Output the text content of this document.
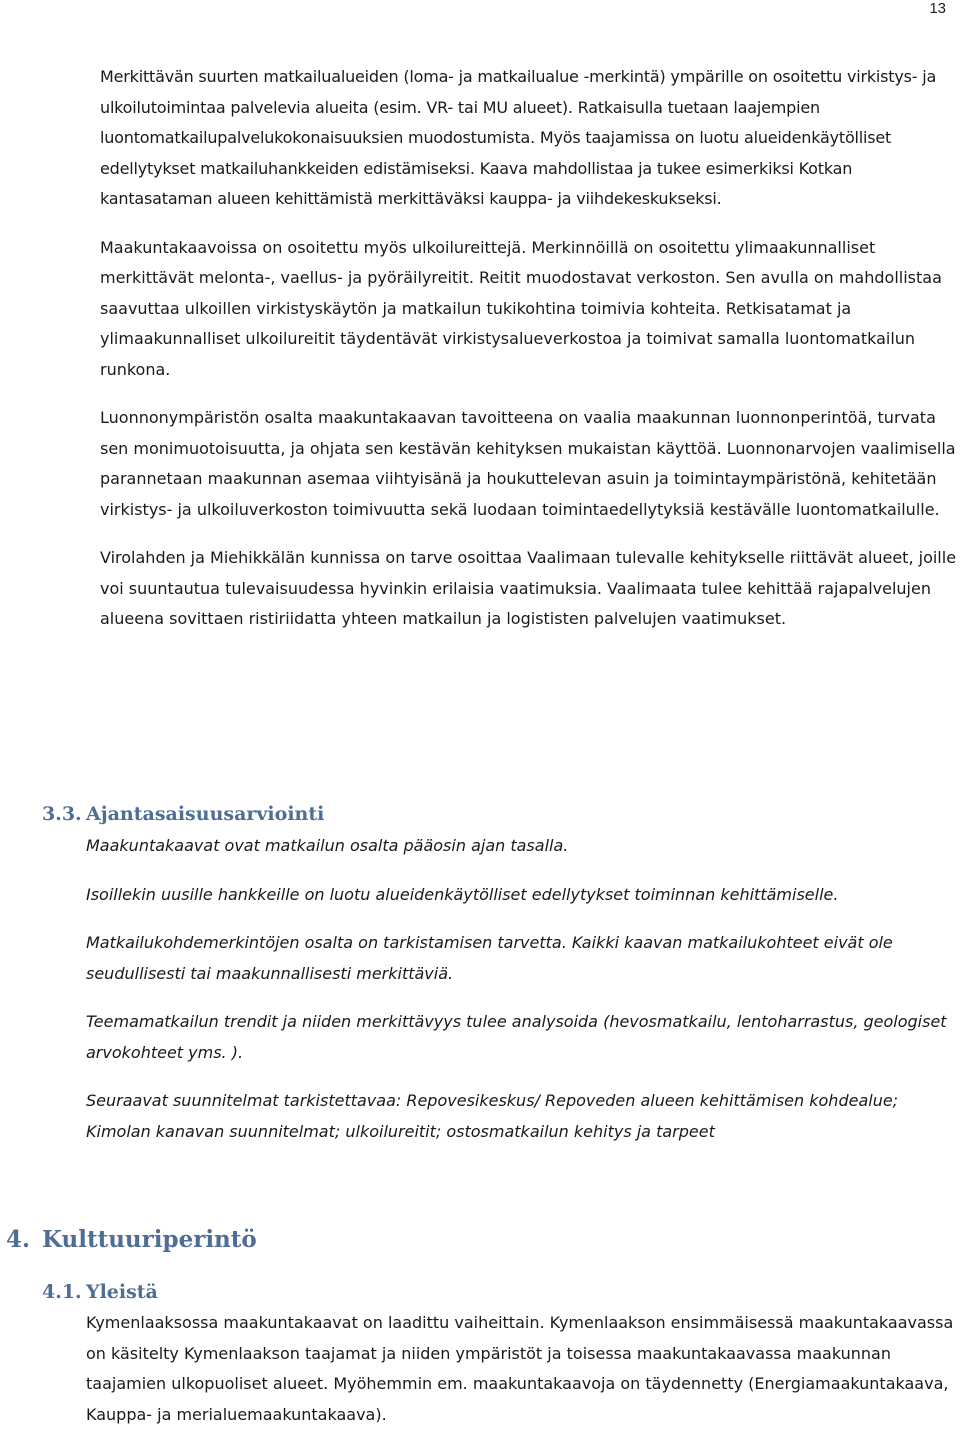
13

Merkittävän suurten matkailualueiden (loma- ja matkailualue -merkintä) ympärille on osoitettu virkistys- ja ulkoilutoimintaa palvelevia alueita (esim. VR- tai MU alueet). Ratkaisulla tuetaan laajempien luontomatkailupalvelukokonaisuuksien muodostumista. Myös taajamissa on luotu alueidenkäytölliset edellytykset matkailuhankkeiden edistämiseksi. Kaava mahdollistaa ja tukee esimerkiksi Kotkan kantasataman alueen kehittämistä merkittäväksi kauppa- ja viihdekeskukseksi.

Maakuntakaavoissa on osoitettu myös ulkoilureittejä. Merkinnöillä on osoitettu ylimaakunnalliset merkittävät melonta-, vaellus- ja pyöräilyreitit. Reitit muodostavat verkoston. Sen avulla on mahdollistaa saavuttaa ulkoillen virkistyskäytön ja matkailun tukikohtina toimivia kohteita. Retkisatamat ja ylimaakunnalliset ulkoilureitit täydentävät virkistysalueverkostoa ja toimivat samalla luontomatkailun runkona.

Luonnonympäristön osalta maakuntakaavan tavoitteena on vaalia maakunnan luonnonperintöä, turvata sen monimuotoisuutta, ja ohjata sen kestävän kehityksen mukaistan käyttöä. Luonnonarvojen vaalimisella parannetaan maakunnan asemaa viihtyisänä ja houkuttelevan asuin ja toimintaympäristönä, kehitetään virkistys- ja ulkoiluverkoston toimivuutta sekä luodaan toimintaedellytyksiä kestävälle luontomatkailulle.

Virolahden ja Miehikkälän kunnissa on tarve osoittaa Vaalimaan tulevalle kehitykselle riittävät alueet, joille voi suuntautua tulevaisuudessa hyvinkin erilaisia vaatimuksia. Vaalimaata tulee kehittää rajapalvelujen alueena sovittaen ristiriidatta yhteen matkailun ja logististen palvelujen vaatimukset.

3.3. Ajantasaisuusarviointi

Maakuntakaavat ovat matkailun osalta pääosin ajan tasalla.

Isoillekin uusille hankkeille on luotu alueidenkäytölliset edellytykset toiminnan kehittämiselle.

Matkailukohdemerkintöjen osalta on tarkistamisen tarvetta. Kaikki kaavan matkailukohteet eivät ole seudullisesti tai maakunnallisesti merkittäviä.

Teemamatkailun trendit ja niiden merkittävyys tulee analysoida (hevosmatkailu, lentoharrastus, geologiset arvokohteet yms. ).

Seuraavat suunnitelmat tarkistettavaa: Repovesikeskus/ Repoveden alueen kehittämisen kohdealue; Kimolan kanavan suunnitelmat; ulkoilureitit; ostosmatkailun kehitys ja tarpeet

4. Kulttuuriperintö
4.1. Yleistä

Kymenlaaksossa maakuntakaavat on laadittu vaiheittain. Kymenlaakson ensimmäisessä maakuntakaavassa on käsitelty Kymenlaakson taajamat ja niiden ympäristöt ja toisessa maakuntakaavassa maakunnan taajamien ulkopuoliset alueet. Myöhemmin em. maakuntakaavoja on täydennetty (Energiamaakuntakaava, Kauppa- ja merialuemaakuntakaava).
